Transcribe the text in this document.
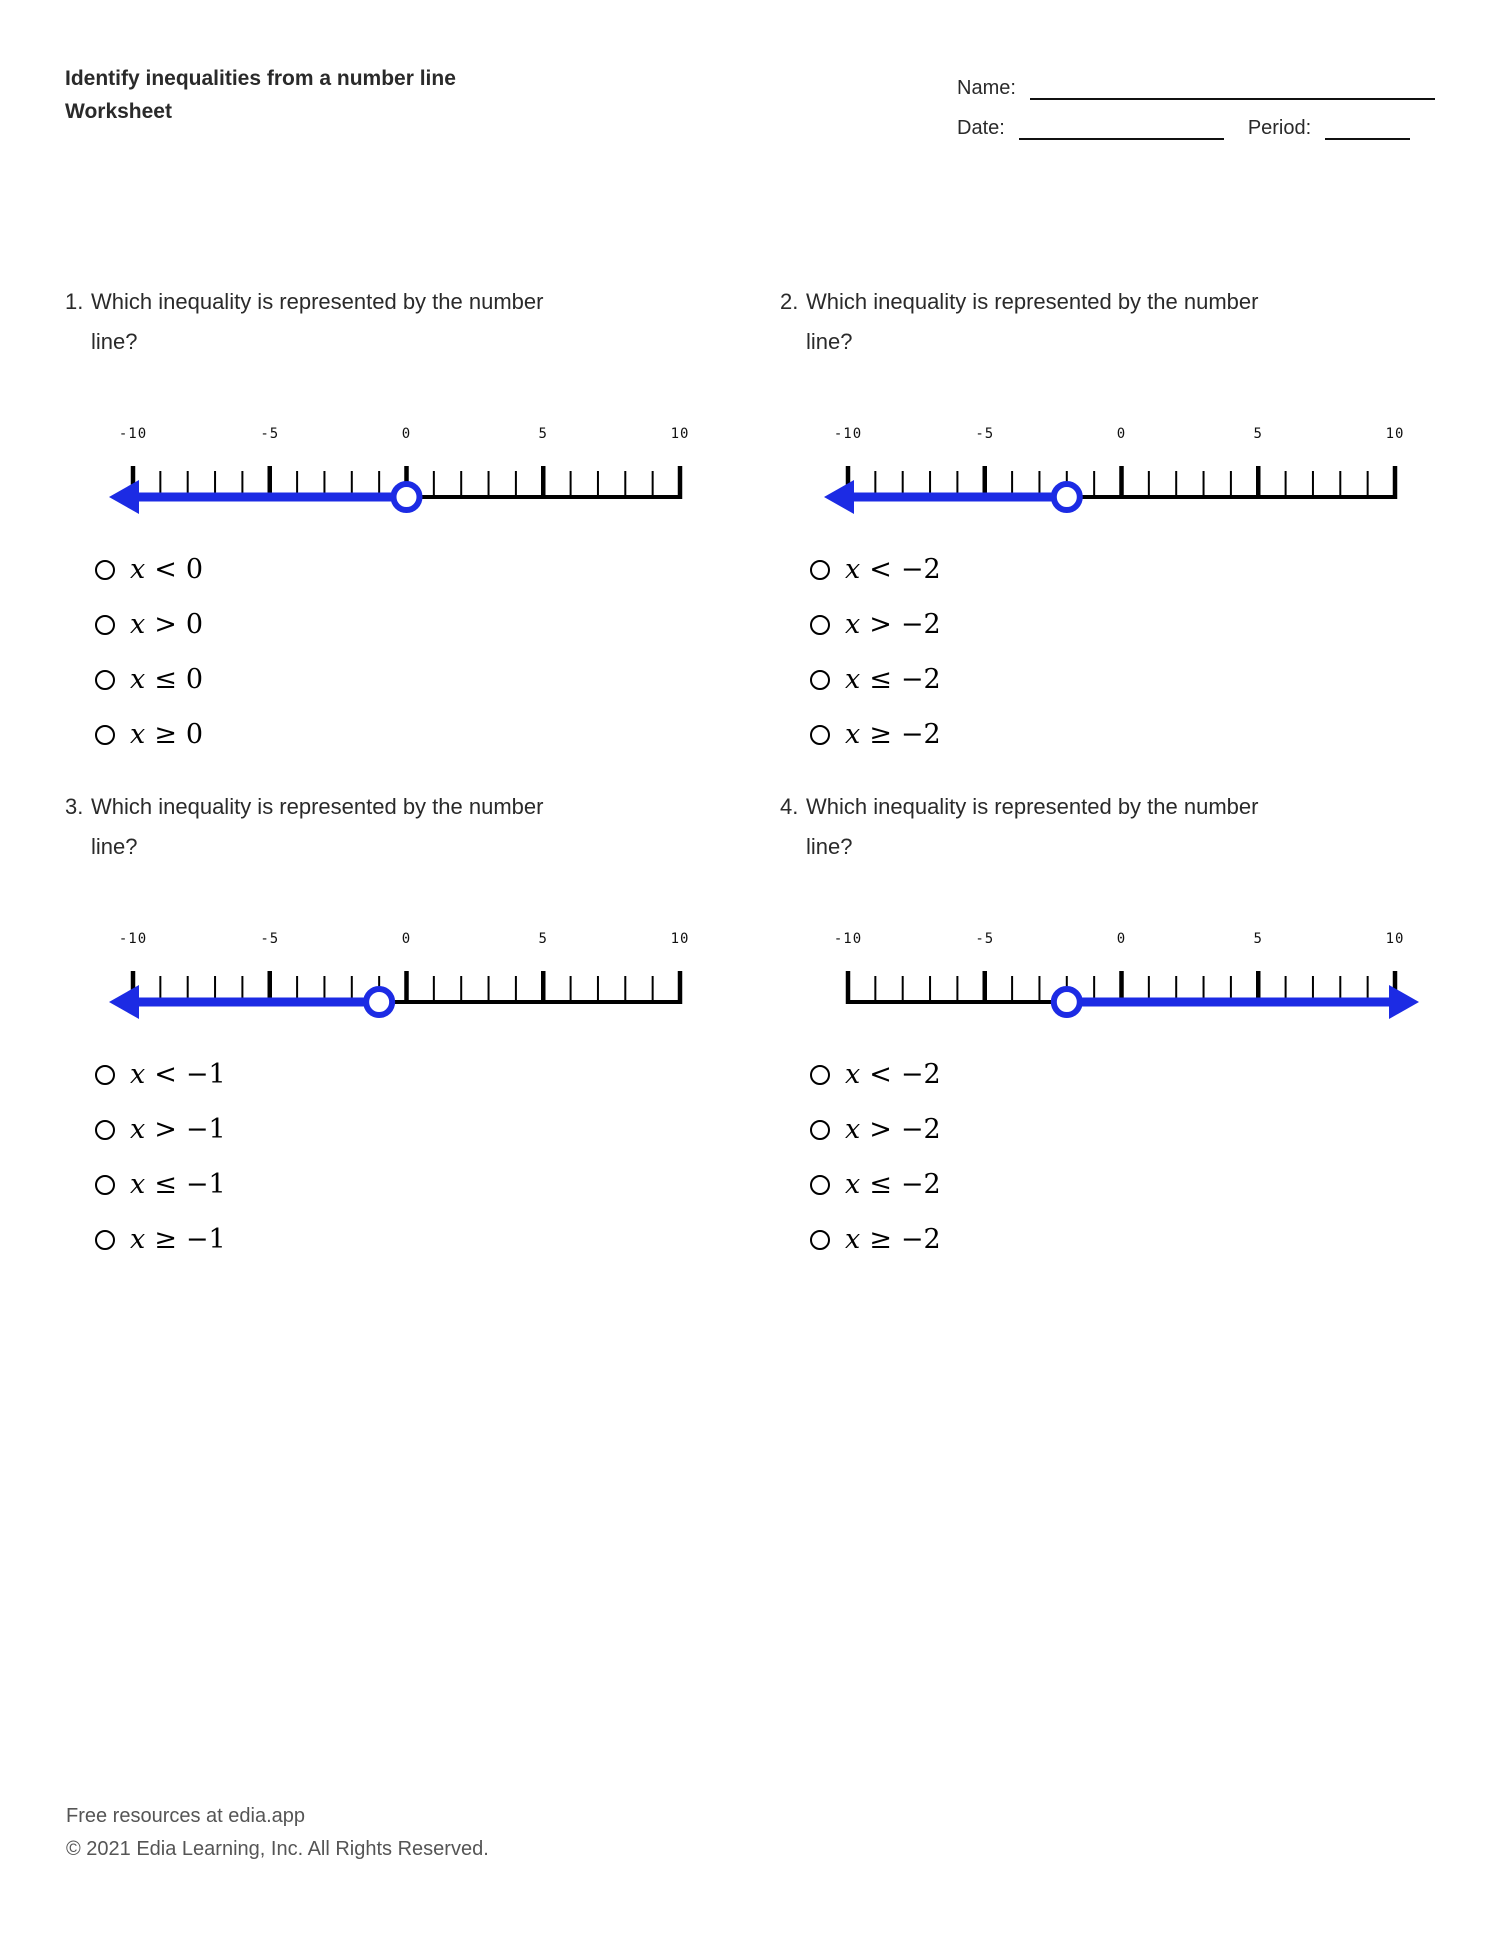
Identify inequalities from a number line
Worksheet
Name:
Date:	Period:
1. Which inequality is represented by the number line?
-10	-5	0	5	10
x < 0
x > 0
x ≤ 0
x ≥ 0
2. Which inequality is represented by the number line?
-10	-5	0	5	10
x < −2
x > −2
x ≤ −2
x ≥ −2
3. Which inequality is represented by the number line?
-10	-5	0	5	10
x < −1
x > −1
x ≤ −1
x ≥ −1
4. Which inequality is represented by the number line?
-10	-5	0	5	10
x < −2
x > −2
x ≤ −2
x ≥ −2
Free resources at edia.app
© 2021 Edia Learning, Inc. All Rights Reserved.
